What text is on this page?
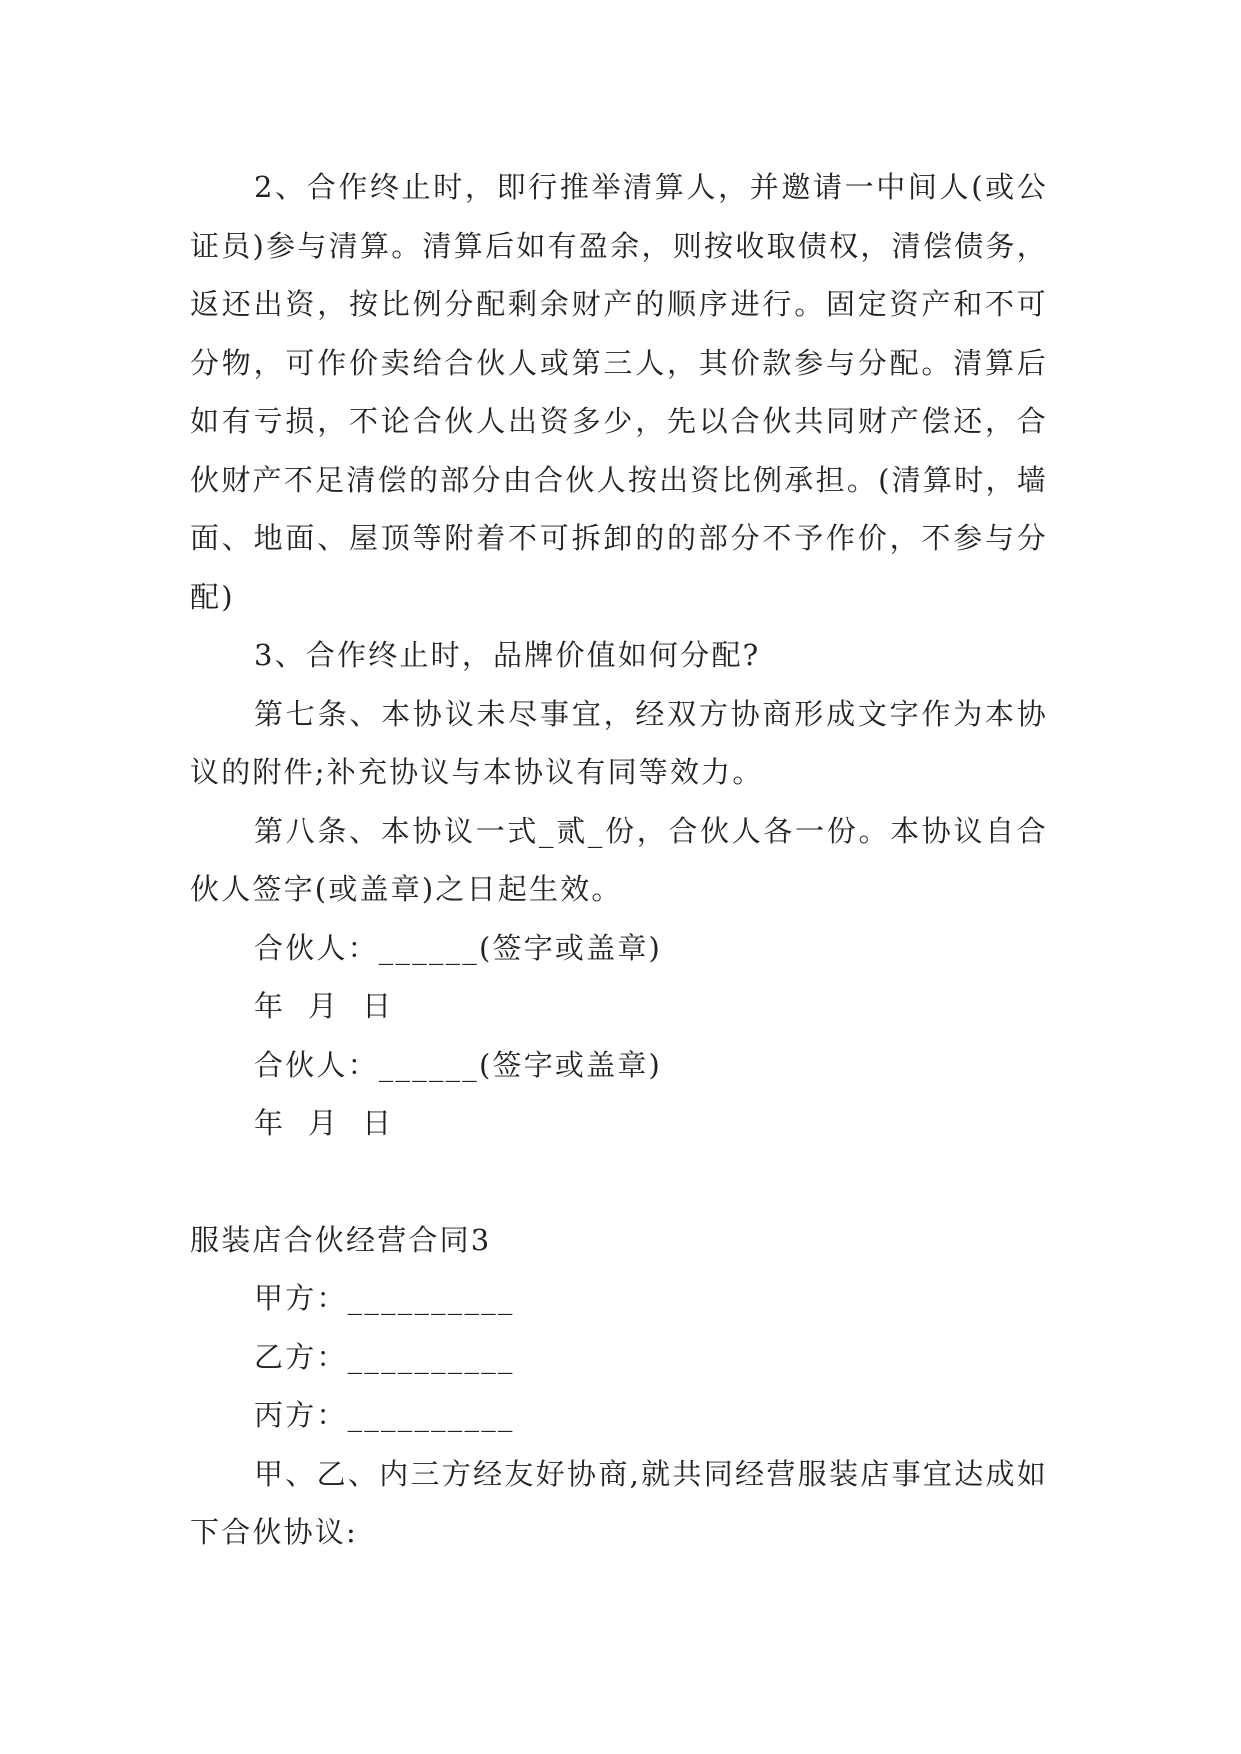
2、合作终止时，即行推举清算人，并邀请一中间人(或公证员)参与清算。清算后如有盈余，则按收取债权，清偿债务，返还出资，按比例分配剩余财产的顺序进行。固定资产和不可分物，可作价卖给合伙人或第三人，其价款参与分配。清算后如有亏损，不论合伙人出资多少，先以合伙共同财产偿还，合伙财产不足清偿的部分由合伙人按出资比例承担。(清算时，墙面、地面、屋顶等附着不可拆卸的的部分不予作价，不参与分配)

3、合作终止时，品牌价值如何分配?

第七条、本协议未尽事宜，经双方协商形成文字作为本协议的附件;补充协议与本协议有同等效力。

第八条、本协议一式_贰_份，合伙人各一份。本协议自合伙人签字(或盖章)之日起生效。

合伙人：______(签字或盖章)

年  月  日

合伙人：______(签字或盖章)

年  月  日

服装店合伙经营合同3

甲方：__________

乙方：__________

丙方：__________

甲、乙、内三方经友好协商,就共同经营服装店事宜达成如下合伙协议:
